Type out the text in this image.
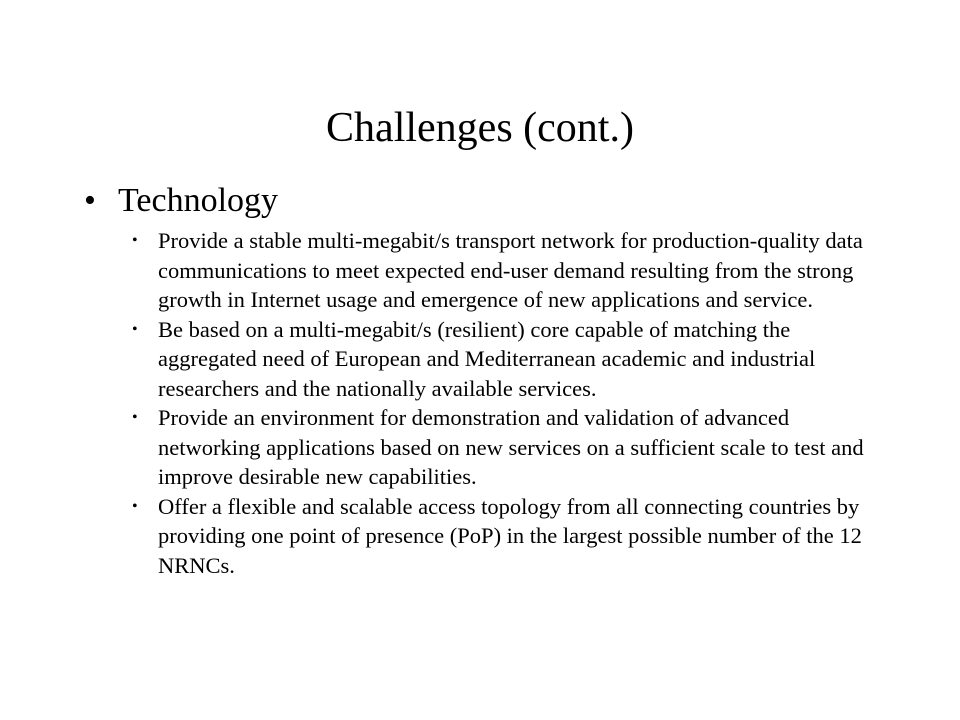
Challenges (cont.)
• Technology
• Provide a stable multi-megabit/s transport network for production-quality data communications to meet expected end-user demand resulting from the strong growth in Internet usage and emergence of new applications and service.
• Be based on a multi-megabit/s (resilient) core capable of matching the aggregated need of European and Mediterranean academic and industrial researchers and the nationally available services.
• Provide an environment for demonstration and validation of advanced networking applications based on new services on a sufficient scale to test and improve desirable new capabilities.
• Offer a flexible and scalable access topology from all connecting countries by providing one point of presence (PoP) in the largest possible number of the 12 NRNCs.
